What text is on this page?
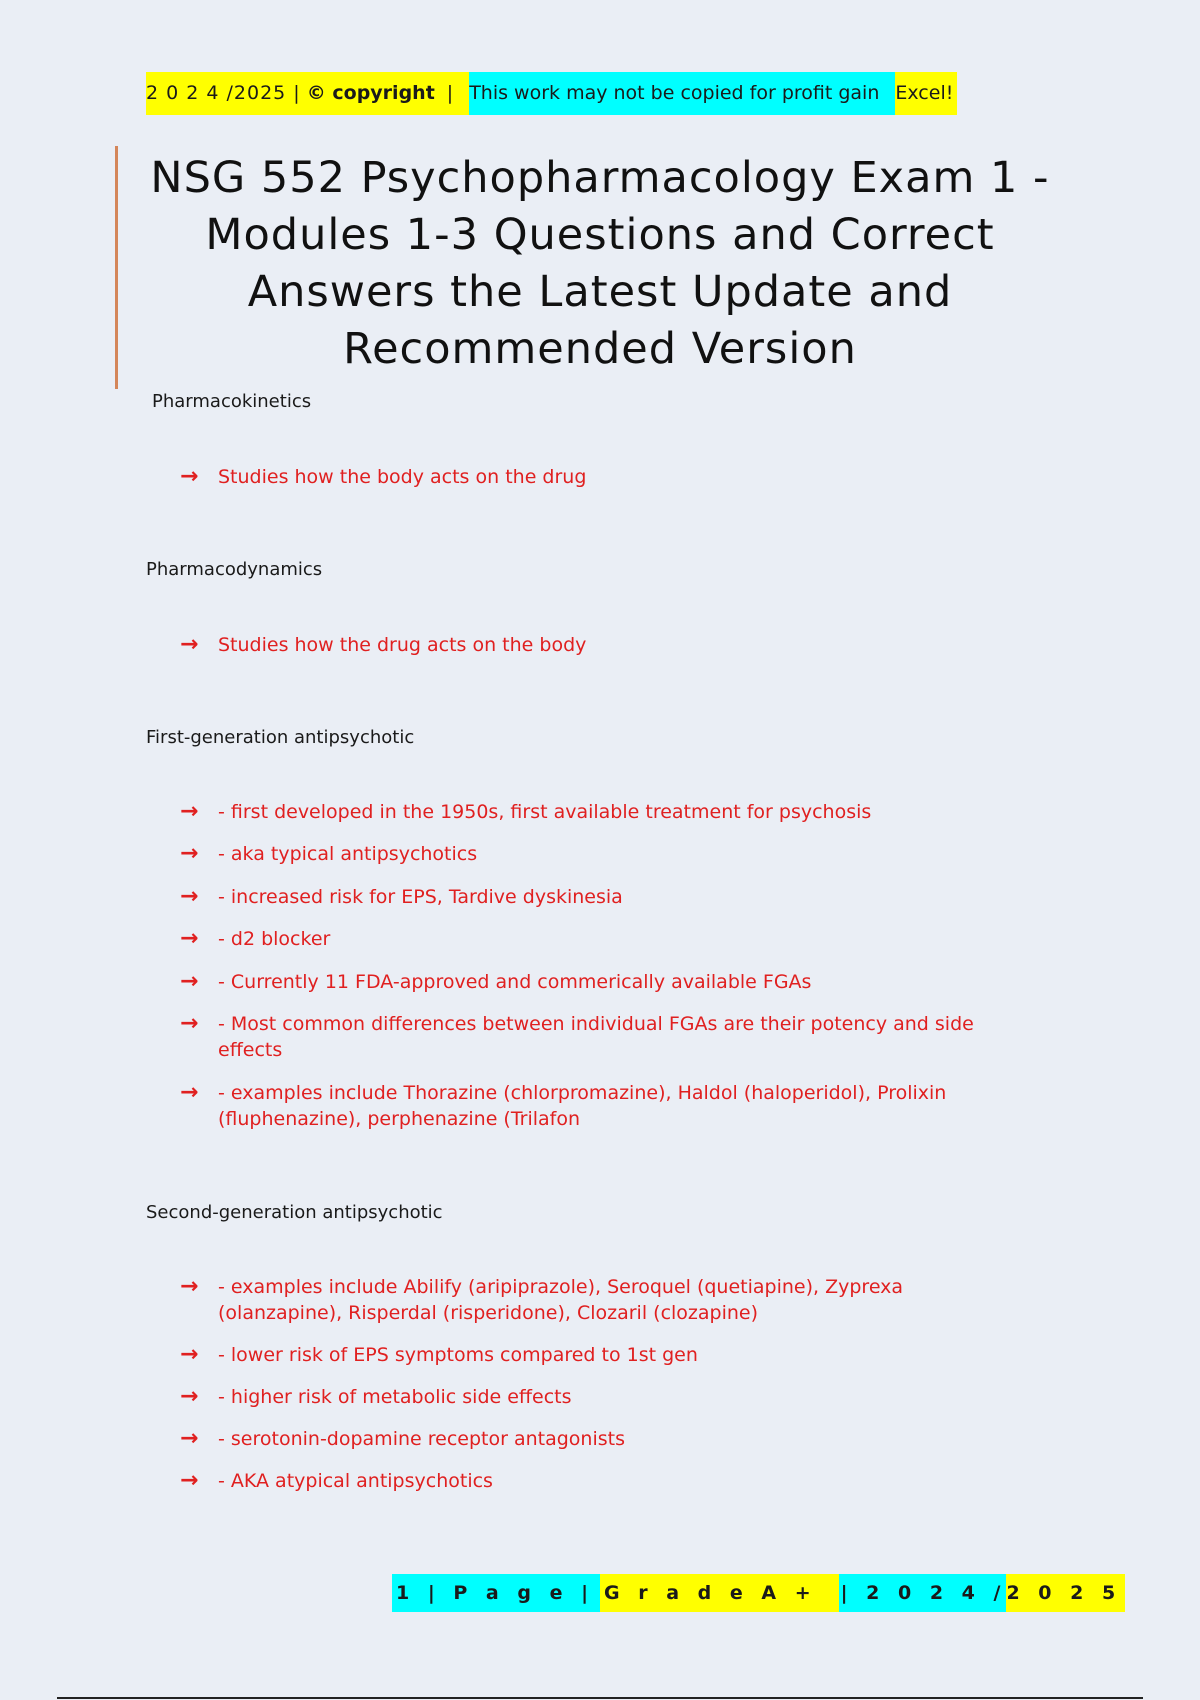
2 0 2 4 /2025 |
© copyright | This work may not be copied for profit gain Excel!
NSG 552 Psychopharmacology Exam 1 - Modules 1-3 Questions and Correct Answers the Latest Update and Recommended Version
Pharmacokinetics
→	Studies how the body acts on the drug
Pharmacodynamics
→	Studies how the drug acts on the body
First-generation antipsychotic
→	- first developed in the 1950s, first available treatment for psychosis
→	- aka typical antipsychotics
→	- increased risk for EPS, Tardive dyskinesia
→	- d2 blocker
→	- Currently 11 FDA-approved and commerically available FGAs
→	- Most common differences between individual FGAs are their potency and side effects
→	- examples include Thorazine (chlorpromazine), Haldol (haloperidol), Prolixin (fluphenazine), perphenazine (Trilafon
Second-generation antipsychotic
→	- examples include Abilify (aripiprazole), Seroquel (quetiapine), Zyprexa (olanzapine), Risperdal (risperidone), Clozaril (clozapine)
→	- lower risk of EPS symptoms compared to 1st gen
→	- higher risk of metabolic side effects
→	- serotonin-dopamine receptor antagonists
→	- AKA atypical antipsychotics
1 | P a g e | G r a d e A +	| 2 0 2 4 / 2 0 2 5
